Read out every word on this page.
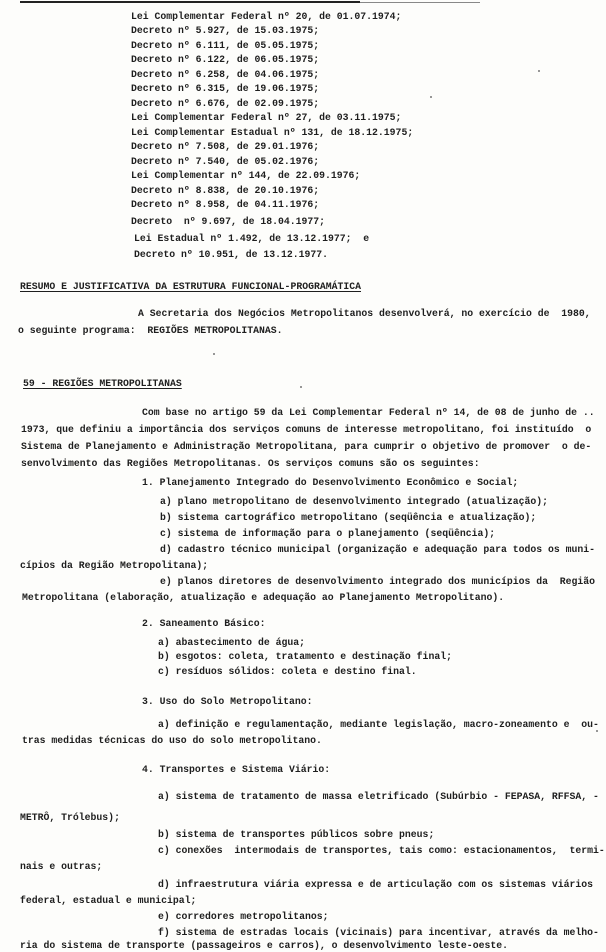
Lei Complementar Federal nº 20, de 01.07.1974;
Decreto nº 5.927, de 15.03.1975;
Decreto nº 6.111, de 05.05.1975;
Decreto nº 6.122, de 06.05.1975;
Decreto nº 6.258, de 04.06.1975;
Decreto nº 6.315, de 19.06.1975;
Decreto nº 6.676, de 02.09.1975;
Lei Complementar Federal nº 27, de 03.11.1975;
Lei Complementar Estadual nº 131, de 18.12.1975;
Decreto nº 7.508, de 29.01.1976;
Decreto nº 7.540, de 05.02.1976;
Lei Complementar nº 144, de 22.09.1976;
Decreto nº 8.838, de 20.10.1976;
Decreto nº 8.958, de 04.11.1976;
Decreto  nº 9.697, de 18.04.1977;
Lei Estadual nº 1.492, de 13.12.1977;  e
Decreto nº 10.951, de 13.12.1977.
RESUMO E JUSTIFICATIVA DA ESTRUTURA FUNCIONAL-PROGRAMÁTICA
A Secretaria dos Negócios Metropolitanos desenvolverá, no exercício de  1980,
o seguinte programa:  REGIÕES METROPOLITANAS.
59 - REGIÕES METROPOLITANAS
Com base no artigo 59 da Lei Complementar Federal nº 14, de 08 de junho de ..
1973, que definiu a importância dos serviços comuns de interesse metropolitano, foi instituído  o
Sistema de Planejamento e Administração Metropolitana, para cumprir o objetivo de promover  o de-
senvolvimento das Regiões Metropolitanas. Os serviços comuns são os seguintes:
1. Planejamento Integrado do Desenvolvimento Econômico e Social;
a) plano metropolitano de desenvolvimento integrado (atualização);
b) sistema cartográfico metropolitano (seqüência e atualização);
c) sistema de informação para o planejamento (seqüência);
d) cadastro técnico municipal (organização e adequação para todos os muni-
cípios da Região Metropolitana);
e) planos diretores de desenvolvimento integrado dos municípios da  Região
Metropolitana (elaboração, atualização e adequação ao Planejamento Metropolitano).
2. Saneamento Básico:
a) abastecimento de água;
b) esgotos: coleta, tratamento e destinação final;
c) resíduos sólidos: coleta e destino final.
3. Uso do Solo Metropolitano:
a) definição e regulamentação, mediante legislação, macro-zoneamento e  ou-
tras medidas técnicas do uso do solo metropolitano.
4. Transportes e Sistema Viário:
a) sistema de tratamento de massa eletrificado (Subúrbio - FEPASA, RFFSA, -
METRÔ, Trólebus);
b) sistema de transportes públicos sobre pneus;
c) conexões  intermodais de transportes, tais como: estacionamentos,  termi-
nais e outras;
d) infraestrutura viária expressa e de articulação com os sistemas viários
federal, estadual e municipal;
e) corredores metropolitanos;
f) sistema de estradas locais (vicinais) para incentivar, através da melho-
ria do sistema de transporte (passageiros e carros), o desenvolvimento leste-oeste.
